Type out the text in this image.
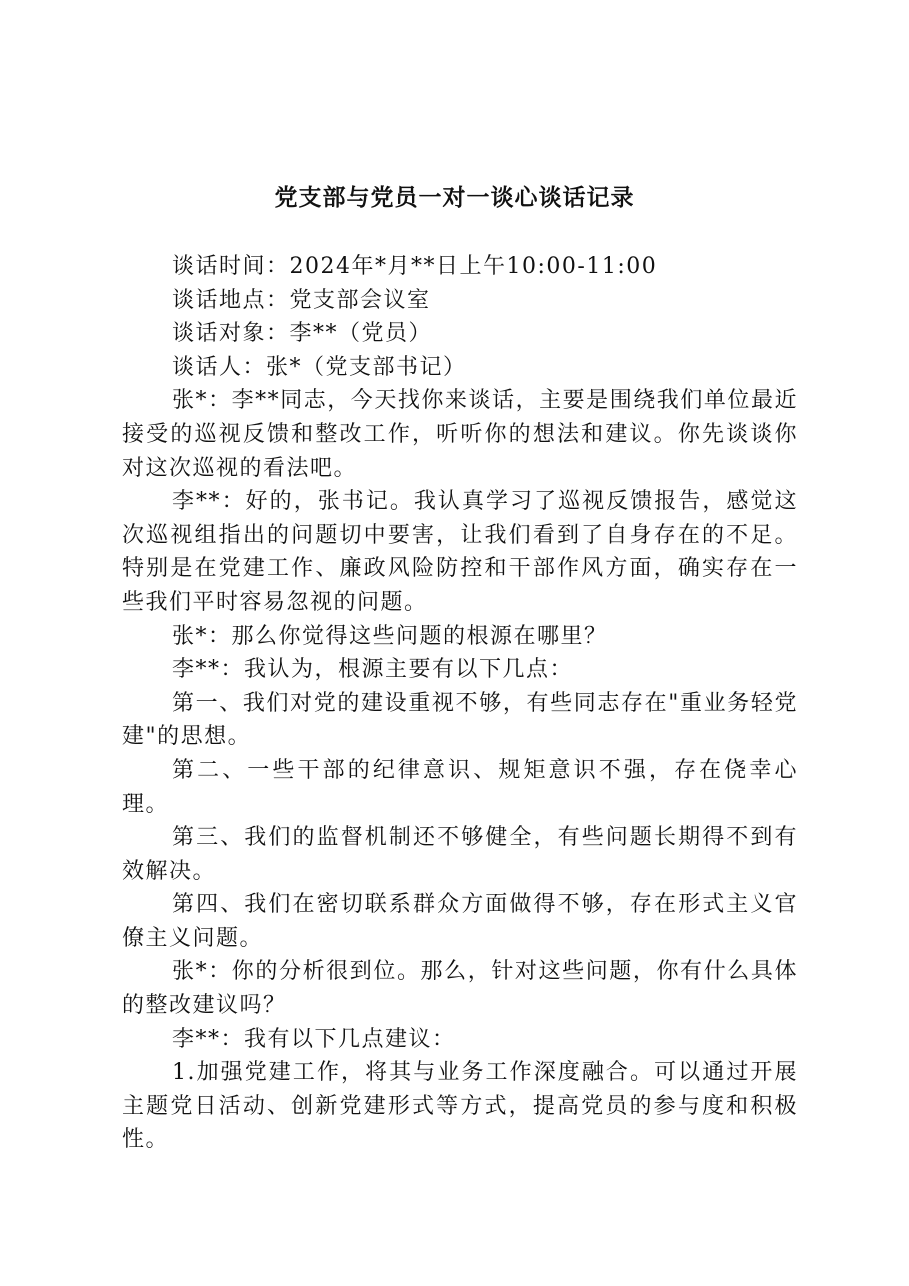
党支部与党员一对一谈心谈话记录

谈话时间：2024年*月**日上午10:00-11:00

谈话地点：党支部会议室

谈话对象：李**（党员）

谈话人：张*（党支部书记）

张*：李**同志，今天找你来谈话，主要是围绕我们单位最近接受的巡视反馈和整改工作，听听你的想法和建议。你先谈谈你对这次巡视的看法吧。

李**：好的，张书记。我认真学习了巡视反馈报告，感觉这次巡视组指出的问题切中要害，让我们看到了自身存在的不足。特别是在党建工作、廉政风险防控和干部作风方面，确实存在一些我们平时容易忽视的问题。

张*：那么你觉得这些问题的根源在哪里？

李**：我认为，根源主要有以下几点：

第一、我们对党的建设重视不够，有些同志存在"重业务轻党建"的思想。

第二、一些干部的纪律意识、规矩意识不强，存在侥幸心理。

第三、我们的监督机制还不够健全，有些问题长期得不到有效解决。

第四、我们在密切联系群众方面做得不够，存在形式主义官僚主义问题。

张*：你的分析很到位。那么，针对这些问题，你有什么具体的整改建议吗？

李**：我有以下几点建议：

1.加强党建工作，将其与业务工作深度融合。可以通过开展主题党日活动、创新党建形式等方式，提高党员的参与度和积极性。
